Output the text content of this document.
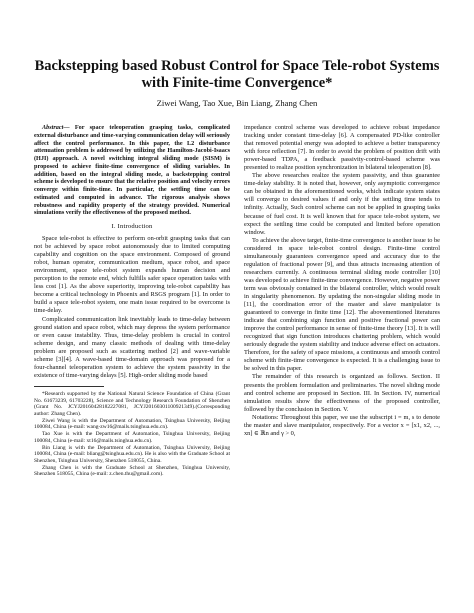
Backstepping based Robust Control for Space Tele-robot Systems
with Finite-time Convergence*
Ziwei Wang, Tao Xue, Bin Liang, Zhang Chen

Abstract— For space teleoperation grasping tasks, complicated external disturbance and time-varying communication delay will seriously affect the control performance. In this paper, the L2 disturbance attenuation problem is addressed by utilizing the Hamilton-Jacobi-Isaacs (HJI) approach. A novel switching integral sliding mode (SISM) is proposed to achieve finite-time convergence of sliding variables. In addition, based on the integral sliding mode, a backstepping control scheme is developed to ensure that the relative position and velocity errors converge within finite-time. In particular, the settling time can be estimated and computed in advance. The rigorous analysis shows robustness and rapidity property of the strategy provided. Numerical simulations verify the effectiveness of the proposed method.

I. Introduction

Space tele-robot is effective to perform on-orbit grasping tasks that can not be achieved by space robot autonomously due to limited computing capability and cognition on the space environment. Composed of ground robot, human operator, communication medium, space robot, and space environment, space tele-robot system expands human decision and perception to the remote end, which fulfills safer space operation tasks with less cost [1]. As the above superiority, improving tele-robot capability has become a critical technology in Phoenix and RSGS program [1]. In order to build a space tele-robot system, one main issue required to be overcome is time-delay.

Complicated communication link inevitably leads to time-delay between ground station and space robot, which may depress the system performance or even cause instability. Thus, time-delay problem is crucial in control scheme design, and many classic methods of dealing with time-delay problem are proposed such as scattering method [2] and wave-variable scheme [3][4]. A wave-based time-domain approach was proposed for a four-channel teleoperation system to achieve the system passivity in the existence of time-varying delays [5]. High-order sliding mode based

*Research supported by the National Natural Science Foundation of China (Grant No. 61673239, 61703228), Science and Technology Research Foundation of Shenzhen (Grant No. JCYJ20160428182227081, JCYJ20160301100921349).(Corresponding author: Zhang Chen).

Ziwei Wang is with the Department of Automation, Tsinghua University, Beijing 100084, China (e-mail: wang-zw16@mails.tsinghua.edu.cn).

Tao Xue is with the Department of Automation, Tsinghua University, Beijing 100084, China (e-mail: xt16@mails.tsinghua.edu.cn).

Bin Liang is with the Department of Automation, Tsinghua University, Beijing 100084, China (e-mail: bliang@tsinghua.edu.cn). He is also with the Graduate School at Shenzhen, Tsinghua University, Shenzhen 518055, China.

Zhang Chen is with the Graduate School at Shenzhen, Tsinghua University, Shenzhen 518055, China (e-mail: z.chen.thu@gmail.com).

impedance control scheme was developed to achieve robust impedance tracking under constant time-delay [6]. A compensated PD-like controller that removed potential energy was adopted to achieve a better transparency with force reflection [7]. In order to avoid the problem of position drift with power-based TDPA, a feedback passivity-control-based scheme was presented to realize position synchronization in bilateral teleoperation [8].

The above researches realize the system passivity, and thus guarantee time-delay stability. It is noted that, however, only asymptotic convergence can be obtained in the aforementioned works, which indicate system states will converge to desired values if and only if the settling time tends to infinity. Actually, Such control scheme can not be applied in grasping tasks because of fuel cost. It is well known that for space tele-robot system, we expect the settling time could be computed and limited before operation window.

To achieve the above target, finite-time convergence is another issue to be considered in space tele-robot control design. Finite-time control simultaneously guarantees convergence speed and accuracy due to the regulation of fractional power [9], and thus attracts increasing attention of researchers currently. A continuous terminal sliding mode controller [10] was developed to achieve finite-time convergence. However, negative power term was obviously contained in the bilateral controller, which would result in singularity phenomenon. By updating the non-singular sliding mode in [11], the coordination error of the master and slave manipulator is guaranteed to converge in finite time [12]. The abovementioned literatures indicate that combining sign function and positive fractional power can improve the control performance in sense of finite-time theory [13]. It is will recognized that sign function introduces chattering problem, which would seriously degrade the system stability and induce adverse effect on actuators. Therefore, for the safety of space missions, a continuous and smooth control scheme with finite-time convergence is expected. It is a challenging issue to be solved in this paper.

The remainder of this research is organized as follows. Section. II presents the problem formulation and preliminaries. The novel sliding mode and control scheme are proposed in Section. III. In Section. IV, numerical simulation results show the effectiveness of the proposed controller, followed by the conclusion in Section. V.

Notations: Throughout this paper, we use the subscript i = m, s to denote the master and slave manipulator, respectively. For a vector x = [x1, x2, ..., xn] ∈ ℝn and γ > 0,
